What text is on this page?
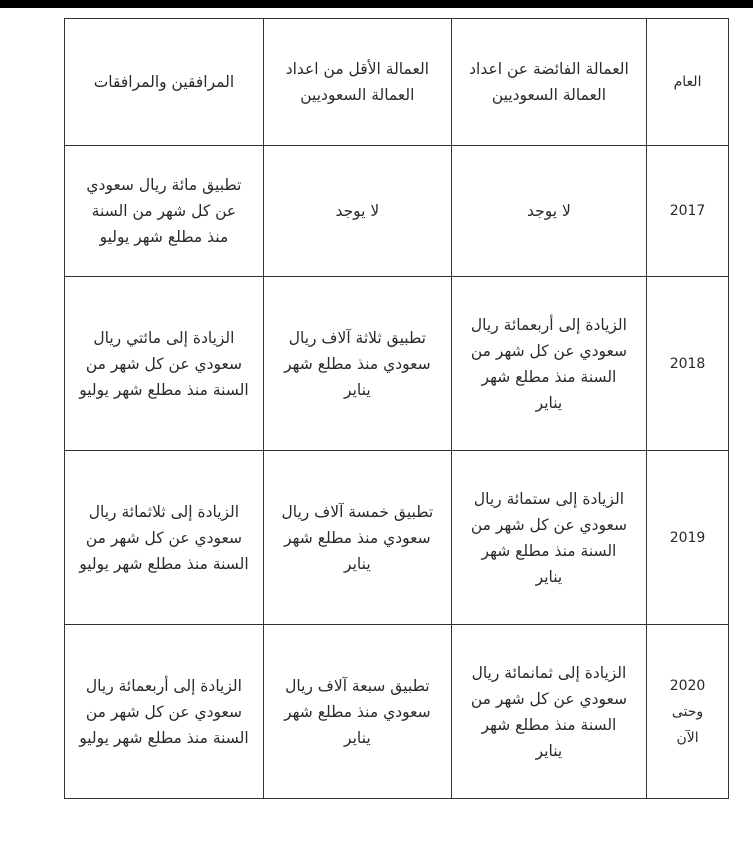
العام	العمالة الفائضة عن اعداد العمالة السعوديين	العمالة الأقل من اعداد العمالة السعوديين	المرافقين والمرافقات
2017	لا يوجد	لا يوجد	تطبيق مائة ريال سعودي عن كل شهر من السنة منذ مطلع شهر يوليو
2018	الزيادة إلى أربعمائة ريال سعودي عن كل شهر من السنة منذ مطلع شهر يناير	تطبيق ثلاثة آلاف ريال سعودي منذ مطلع شهر يناير	الزيادة إلى مائتي ريال سعودي عن كل شهر من السنة منذ مطلع شهر يوليو
2019	الزيادة إلى ستمائة ريال سعودي عن كل شهر من السنة منذ مطلع شهر يناير	تطبيق خمسة آلاف ريال سعودي منذ مطلع شهر يناير	الزيادة إلى ثلاثمائة ريال سعودي عن كل شهر من السنة منذ مطلع شهر يوليو
2020 وحتى الآن	الزيادة إلى ثمانمائة ريال سعودي عن كل شهر من السنة منذ مطلع شهر يناير	تطبيق سبعة آلاف ريال سعودي منذ مطلع شهر يناير	الزيادة إلى أربعمائة ريال سعودي عن كل شهر من السنة منذ مطلع شهر يوليو
